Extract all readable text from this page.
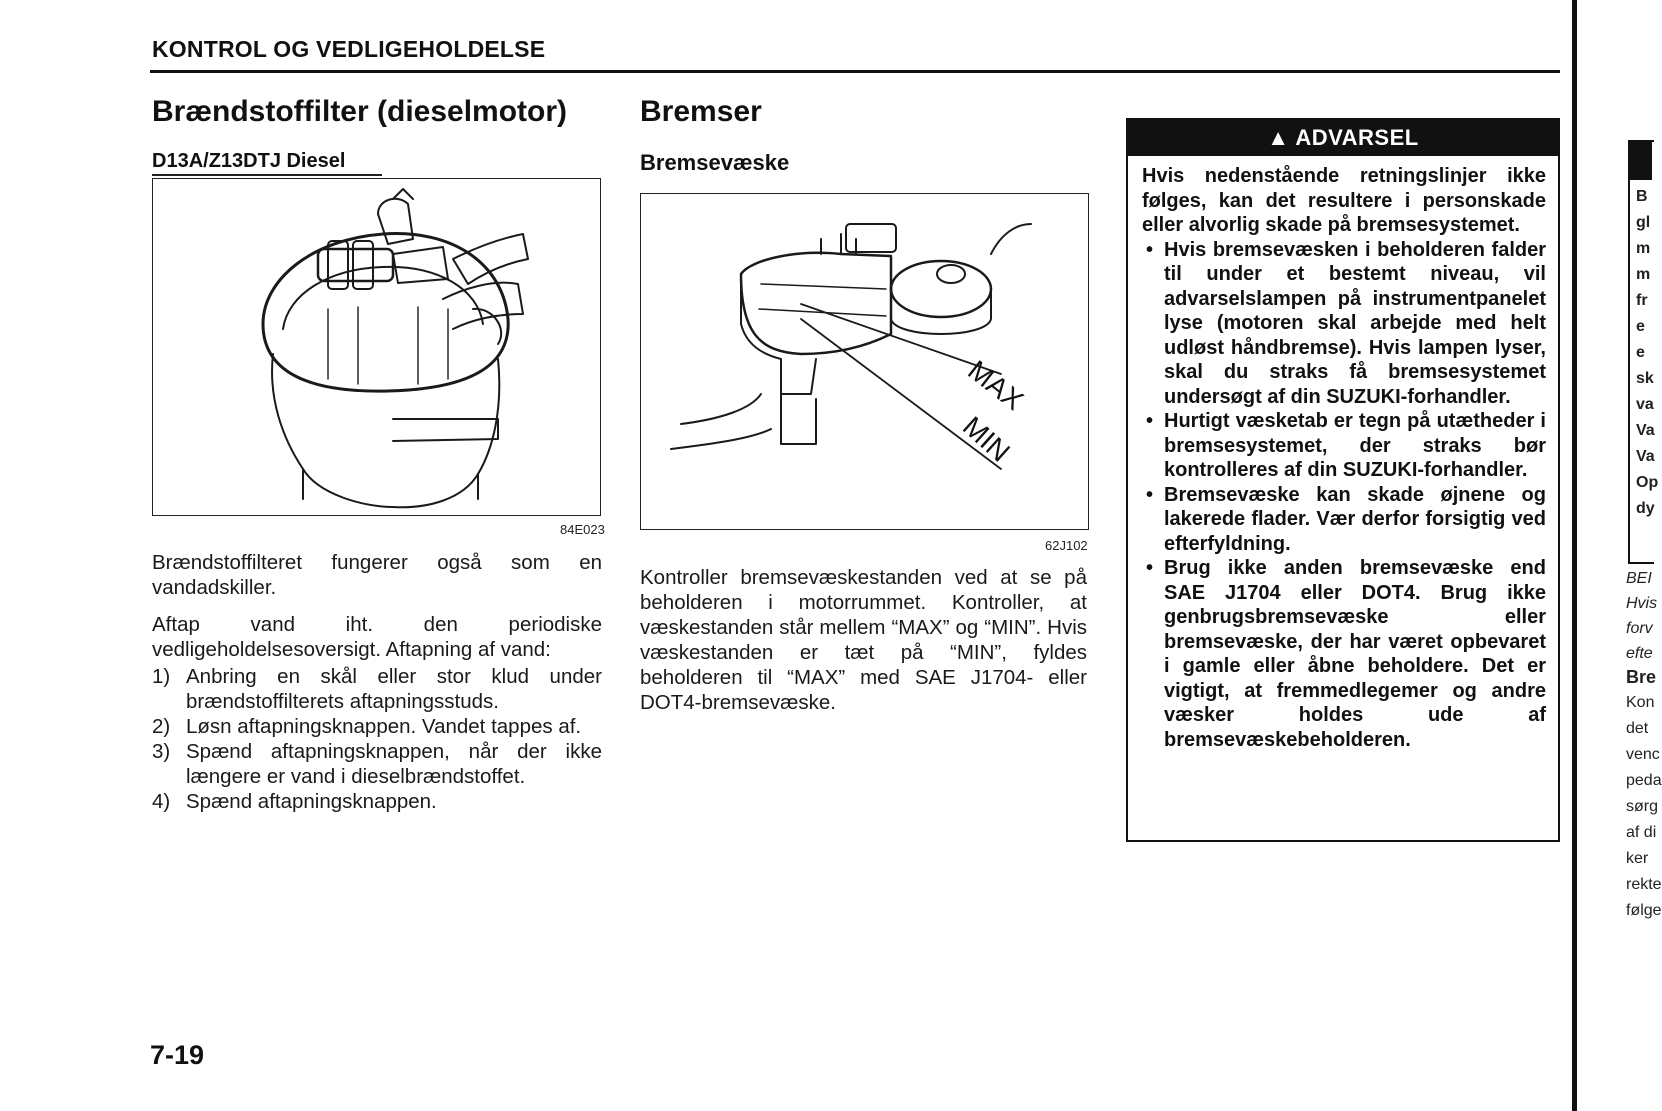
KONTROL OG VEDLIGEHOLDELSE
Brændstoffilter (dieselmotor)
D13A/Z13DTJ Diesel
84E023

Brændstoffilteret fungerer også som en vandadskiller.

Aftap vand iht. den periodiske vedligeholdelsesoversigt. Aftapning af vand:

1) Anbring en skål eller stor klud under brændstoffilterets aftapningsstuds.
2) Løsn aftapningsknappen. Vandet tappes af.
3) Spænd aftapningsknappen, når der ikke længere er vand i dieselbrændstoffet.
4) Spænd aftapningsknappen.
Bremser
Bremsevæske
MAX
MIN
62J102
Kontroller bremsevæskestanden ved at se på beholderen i motorrummet. Kontroller, at væskestanden står mellem “MAX” og “MIN”. Hvis væskestanden er tæt på “MIN”, fyldes beholderen til “MAX” med SAE J1704- eller DOT4-bremsevæske.
▲ ADVARSEL

Hvis nedenstående retningslinjer ikke følges, kan det resultere i personskade eller alvorlig skade på bremsesystemet.

• Hvis bremsevæsken i beholderen falder til under et bestemt niveau, vil advarselslampen på instrumentpanelet lyse (motoren skal arbejde med helt udløst håndbremse). Hvis lampen lyser, skal du straks få bremsesystemet undersøgt af din SUZUKI-forhandler.
• Hurtigt væsketab er tegn på utætheder i bremsesystemet, der straks bør kontrolleres af din SUZUKI-forhandler.
• Bremsevæske kan skade øjnene og lakerede flader. Vær derfor forsigtig ved efterfyldning.
• Brug ikke anden bremsevæske end SAE J1704 eller DOT4. Brug ikke genbrugsbremsevæske eller bremsevæske, der har været opbevaret i gamle eller åbne beholdere. Det er vigtigt, at fremmedlegemer og andre væsker holdes ude af bremsevæskebeholderen.
B
gl
m
m
fr
e
e
sk
va
Va
Va
Op
dy
BEI
Hvis
forv
efte
Bre
Kon
det
venc
peda
sørg
af di
ker
rekte
følge
7-19
